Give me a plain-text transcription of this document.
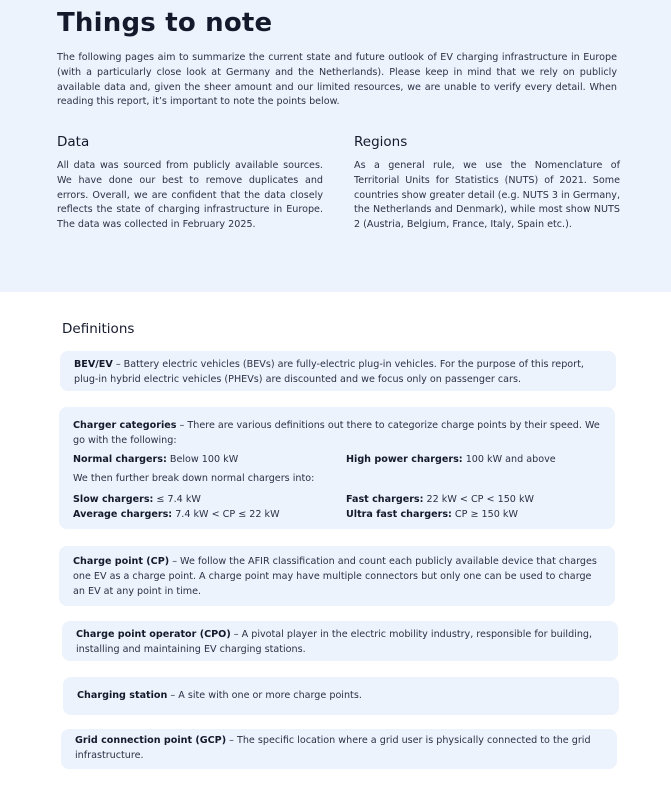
Things to note
The following pages aim to summarize the current state and future outlook of EV charging infrastructure in Europe (with a particularly close look at Germany and the Netherlands). Please keep in mind that we rely on publicly available data and, given the sheer amount and our limited resources, we are unable to verify every detail. When reading this report, it’s important to note the points below.
Data
All data was sourced from publicly available sources. We have done our best to remove duplicates and errors. Overall, we are confident that the data closely reflects the state of charging infrastructure in Europe. The data was collected in February 2025.
Regions
As a general rule, we use the Nomenclature of Territorial Units for Statistics (NUTS) of 2021. Some countries show greater detail (e.g. NUTS 3 in Germany, the Netherlands and Denmark), while most show NUTS 2 (Austria, Belgium, France, Italy, Spain etc.).
Definitions
BEV/EV – Battery electric vehicles (BEVs) are fully-electric plug-in vehicles. For the purpose of this report, plug-in hybrid electric vehicles (PHEVs) are discounted and we focus only on passenger cars.
Charger categories – There are various definitions out there to categorize charge points by their speed. We go with the following:
Normal chargers: Below 100 kW	High power chargers: 100 kW and above
We then further break down normal chargers into:
Slow chargers: ≤ 7.4 kW	Fast chargers: 22 kW < CP < 150 kW
Average chargers: 7.4 kW < CP ≤ 22 kW	Ultra fast chargers: CP ≥ 150 kW
Charge point (CP) – We follow the AFIR classification and count each publicly available device that charges one EV as a charge point. A charge point may have multiple connectors but only one can be used to charge an EV at any point in time.
Charge point operator (CPO) – A pivotal player in the electric mobility industry, responsible for building, installing and maintaining EV charging stations.
Charging station – A site with one or more charge points.
Grid connection point (GCP) – The specific location where a grid user is physically connected to the grid infrastructure.
